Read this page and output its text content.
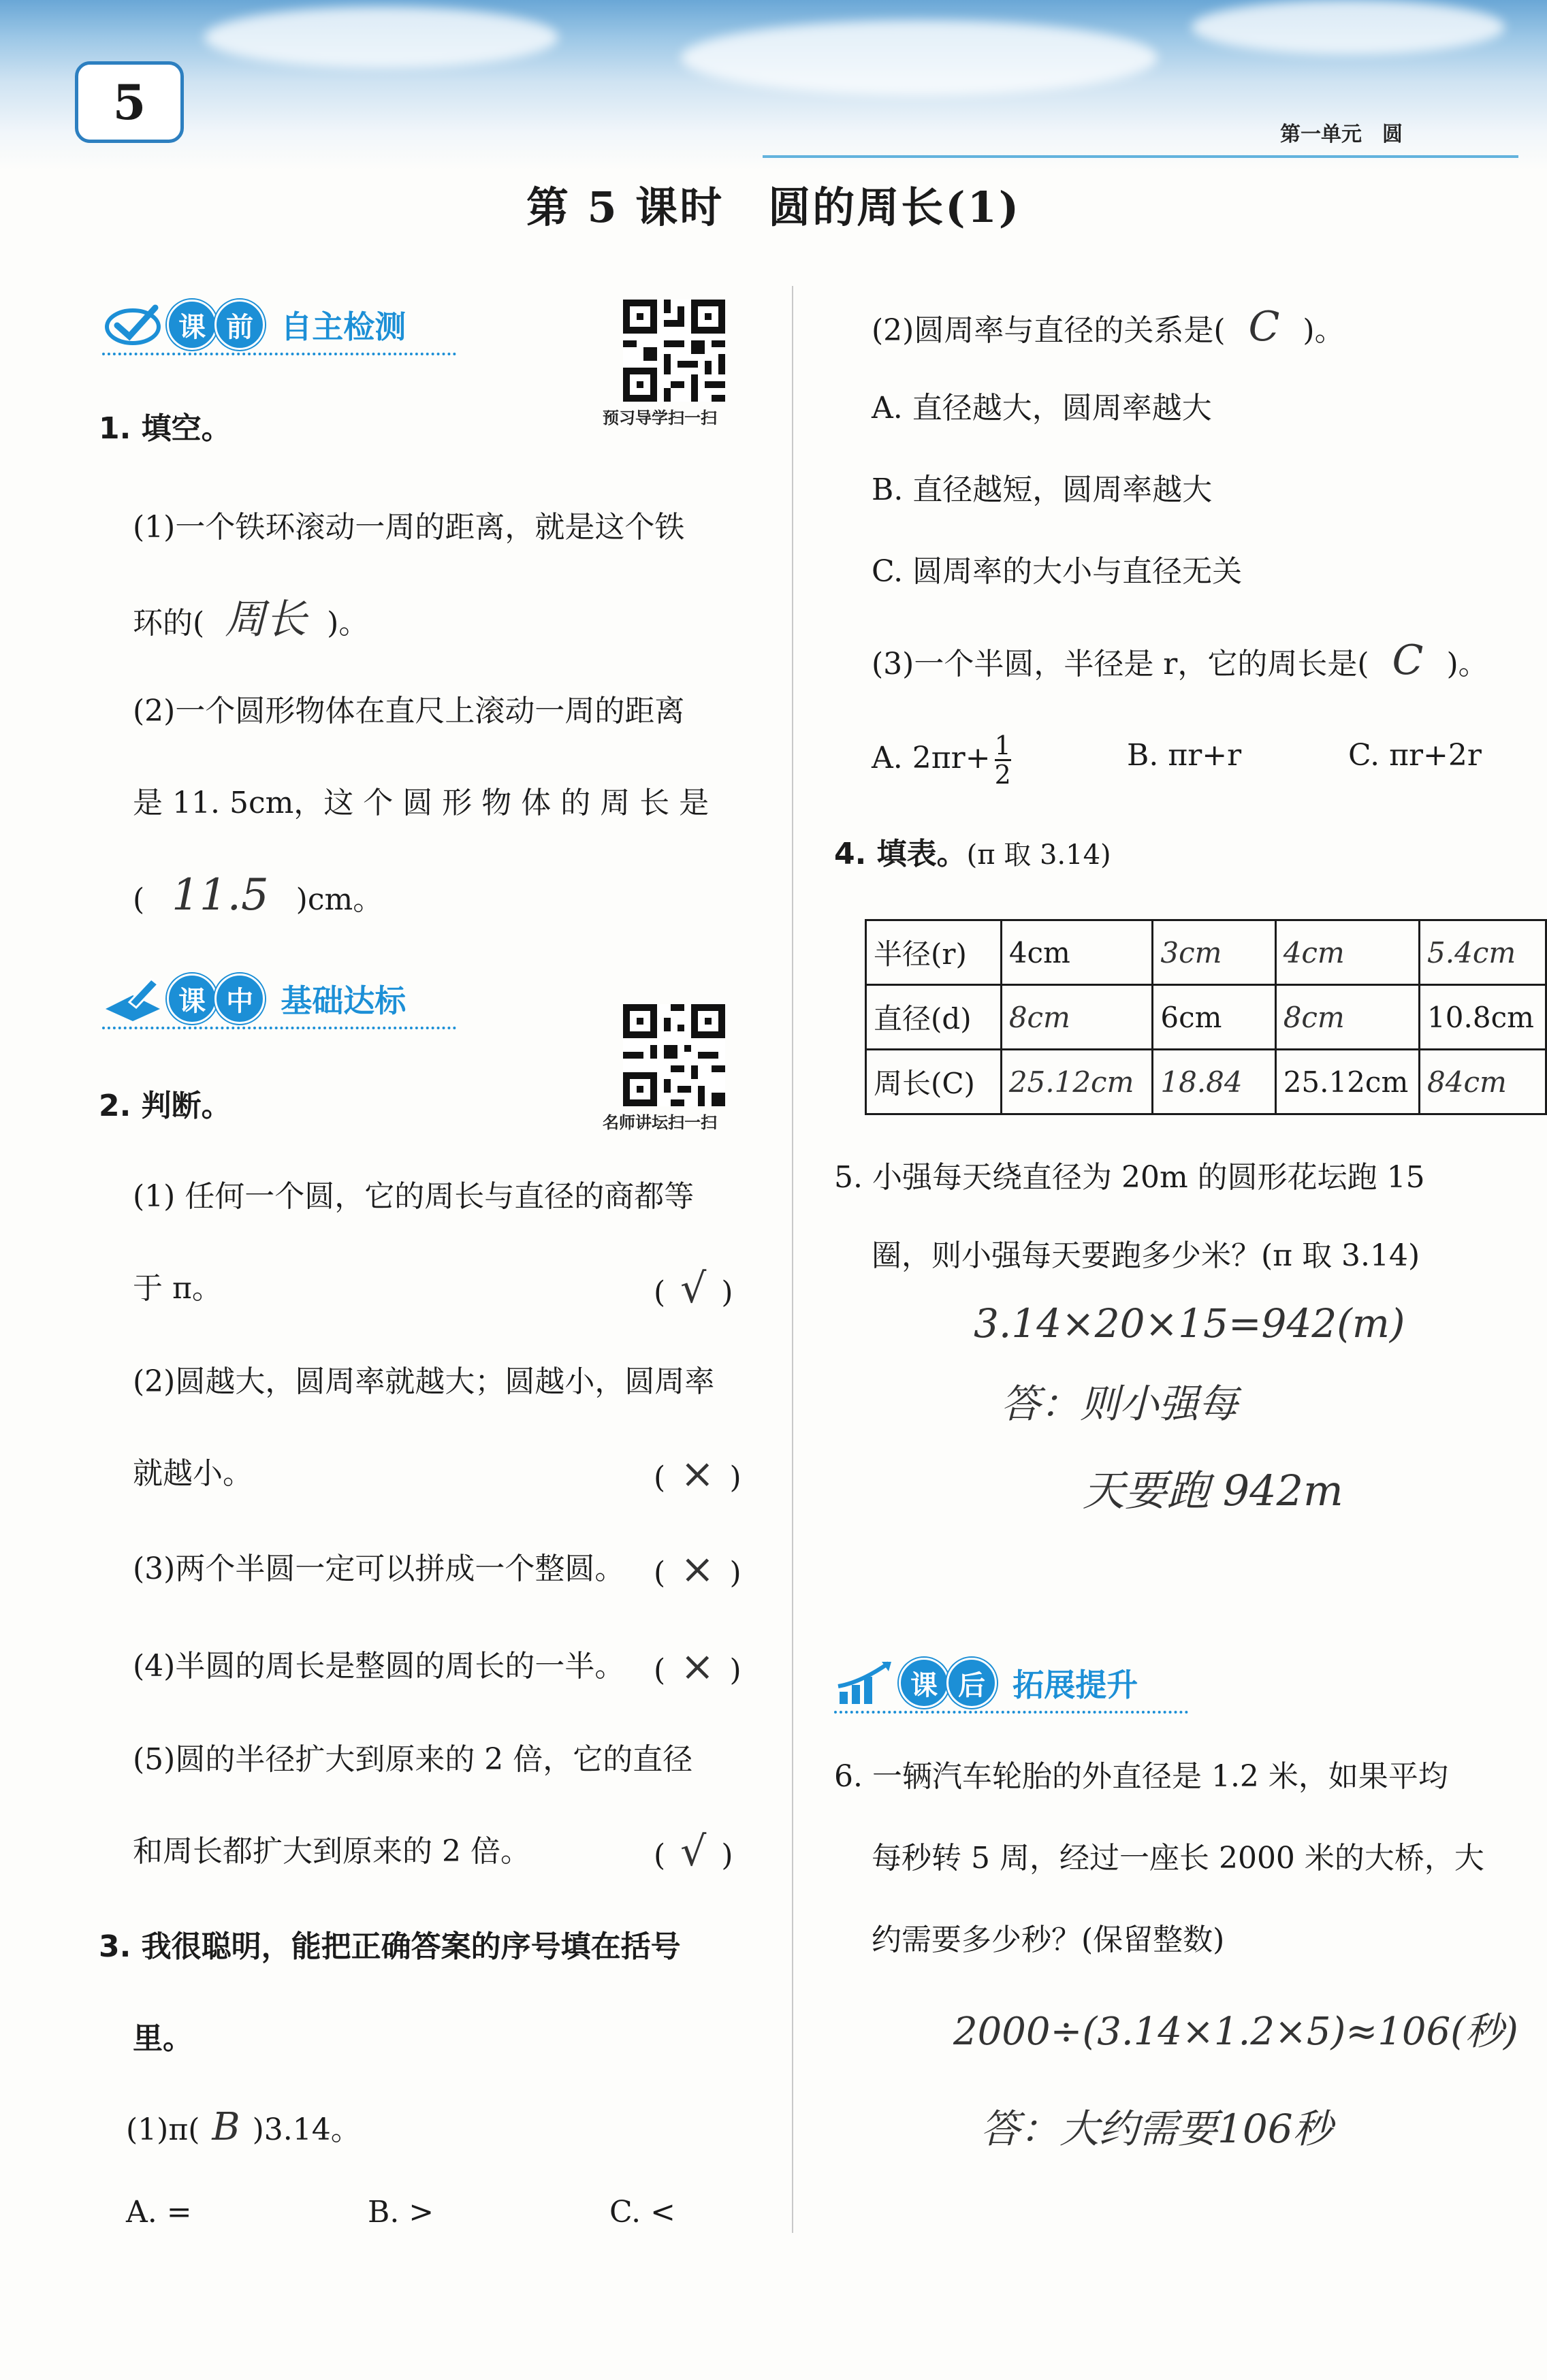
5
第一单元　圆
第 5 课时　圆的周长(1)
课 前 自主检测
预习导学扫一扫
1. 填空。
(1)一个铁环滚动一周的距离，就是这个铁
环的( 周长 )。
(2)一个圆形物体在直尺上滚动一周的距离
是 11. 5cm，这 个 圆 形 物 体 的 周 长 是
( 11.5 )cm。
课 中 基础达标
名师讲坛扫一扫
2. 判断。
(1) 任何一个圆，它的周长与直径的商都等
于 π。	( √ )
(2)圆越大，圆周率就越大；圆越小，圆周率
就越小。	( × )
(3)两个半圆一定可以拼成一个整圆。 ( × )
(4)半圆的周长是整圆的周长的一半。 ( × )
(5)圆的半径扩大到原来的 2 倍，它的直径
和周长都扩大到原来的 2 倍。	( √ )
3. 我很聪明，能把正确答案的序号填在括号
里。
(1)π( B )3.14。
A. =	B. >	C. <
(2)圆周率与直径的关系是( C )。
A. 直径越大，圆周率越大
B. 直径越短，圆周率越大
C. 圆周率的大小与直径无关
(3)一个半圆，半径是 r，它的周长是( C )。
A. $2\pi r+ \frac{1}{2}$	B. πr+r	C. πr+2r
4. 填表。(π 取 3.14)
半径(r)	4cm	3cm	4cm	5.4cm
直径(d)	8cm	6cm	8cm	10.8cm
周长(C)	25.12cm	18.84	25.12cm	84cm
5. 小强每天绕直径为 20m 的圆形花坛跑 15
圈，则小强每天要跑多少米？(π 取 3.14)
3.14×20×15=942(m)
答：则小强每
天要跑 942m
课 后 拓展提升
6. 一辆汽车轮胎的外直径是 1.2 米，如果平均
每秒转 5 周，经过一座长 2000 米的大桥，大
约需要多少秒？(保留整数)
2000÷(3.14×1.2×5)≈106(秒)
答：大约需要106秒
